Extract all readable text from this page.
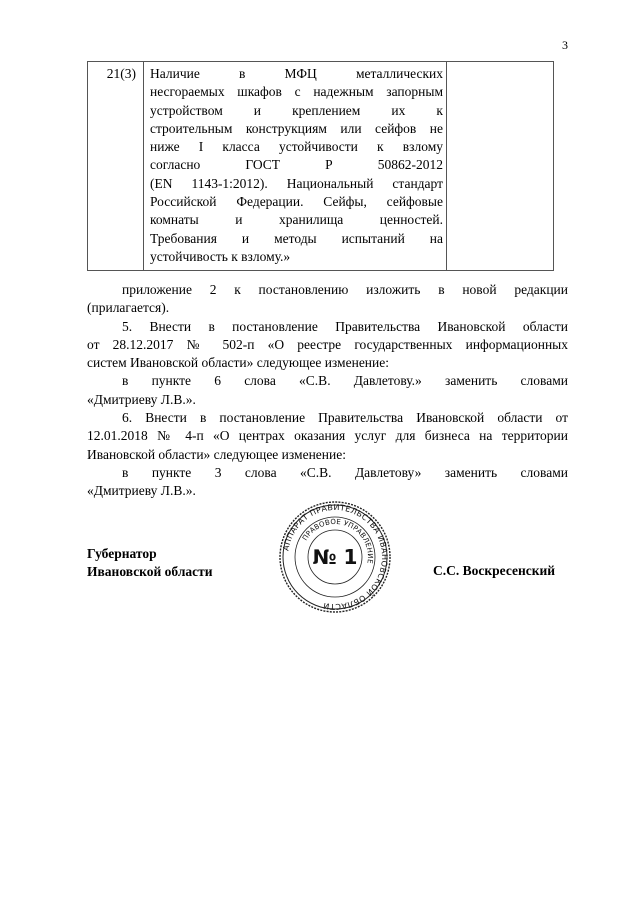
3
21(3)	Наличие в МФЦ металлических
несгораемых шкафов с надежным запорным
устройством и креплением их к
строительным конструкциям или сейфов не
ниже I класса устойчивости к взлому
согласно ГОСТ Р 50862-2012
(EN 1143-1:2012). Национальный стандарт
Российской Федерации. Сейфы, сейфовые
комнаты и хранилища ценностей.
Требования и методы испытаний на
устойчивость к взлому.»

приложение 2 к постановлению изложить в новой редакции
(прилагается).
5. Внести в постановление Правительства Ивановской области
от 28.12.2017 № 502-п «О реестре государственных информационных
систем Ивановской области» следующее изменение:
в пункте 6 слова «С.В. Давлетову.» заменить словами
«Дмитриеву Л.В.».
6. Внести в постановление Правительства Ивановской области от
12.01.2018 № 4-п «О центрах оказания услуг для бизнеса на территории
Ивановской области» следующее изменение:
в пункте 3 слова «С.В. Давлетову» заменить словами
«Дмитриеву Л.В.».
Губернатор
Ивановской области
АППАРАТ ПРАВИТЕЛЬСТВА ИВАНОВСКОЙ ОБЛАСТИ
ПРАВОВОЕ УПРАВЛЕНИЕ
№ 1
С.С. Воскресенский
